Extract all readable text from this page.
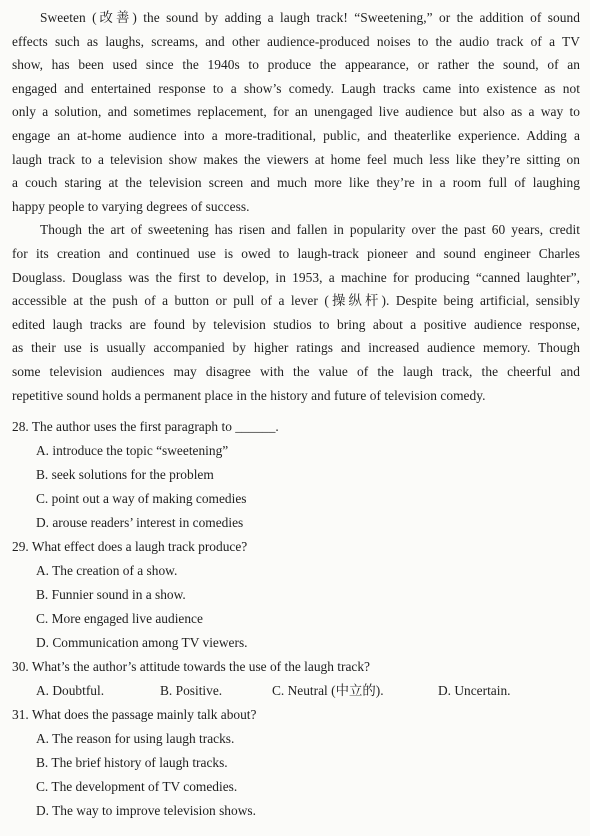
Sweeten (改善) the sound by adding a laugh track! “Sweetening,” or the addition of sound
effects such as laughs, screams, and other audience-produced noises to the audio track of a TV
show, has been used since the 1940s to produce the appearance, or rather the sound, of an
engaged and entertained response to a show’s comedy. Laugh tracks came into existence as not
only a solution, and sometimes replacement, for an unengaged live audience but also as a way to
engage an at-home audience into a more-traditional, public, and theaterlike experience. Adding a
laugh track to a television show makes the viewers at home feel much less like they’re sitting on
a couch staring at the television screen and much more like they’re in a room full of laughing
happy people to varying degrees of success.
Though the art of sweetening has risen and fallen in popularity over the past 60 years, credit
for its creation and continued use is owed to laugh-track pioneer and sound engineer Charles
Douglass. Douglass was the first to develop, in 1953, a machine for producing “canned laughter”,
accessible at the push of a button or pull of a lever (操纵杆). Despite being artificial, sensibly
edited laugh tracks are found by television studios to bring about a positive audience response,
as their use is usually accompanied by higher ratings and increased audience memory. Though
some television audiences may disagree with the value of the laugh track, the cheerful and
repetitive sound holds a permanent place in the history and future of television comedy.

28. The author uses the first paragraph to ______.

A. introduce the topic “sweetening”

B. seek solutions for the problem

C. point out a way of making comedies

D. arouse readers’ interest in comedies

29. What effect does a laugh track produce?

A. The creation of a show.

B. Funnier sound in a show.

C. More engaged live audience

D. Communication among TV viewers.

30. What’s the author’s attitude towards the use of the laugh track?

A. Doubtful.	B. Positive.	C. Neutral (中立的).	D. Uncertain.

31. What does the passage mainly talk about?

A. The reason for using laugh tracks.

B. The brief history of laugh tracks.

C. The development of TV comedies.

D. The way to improve television shows.
